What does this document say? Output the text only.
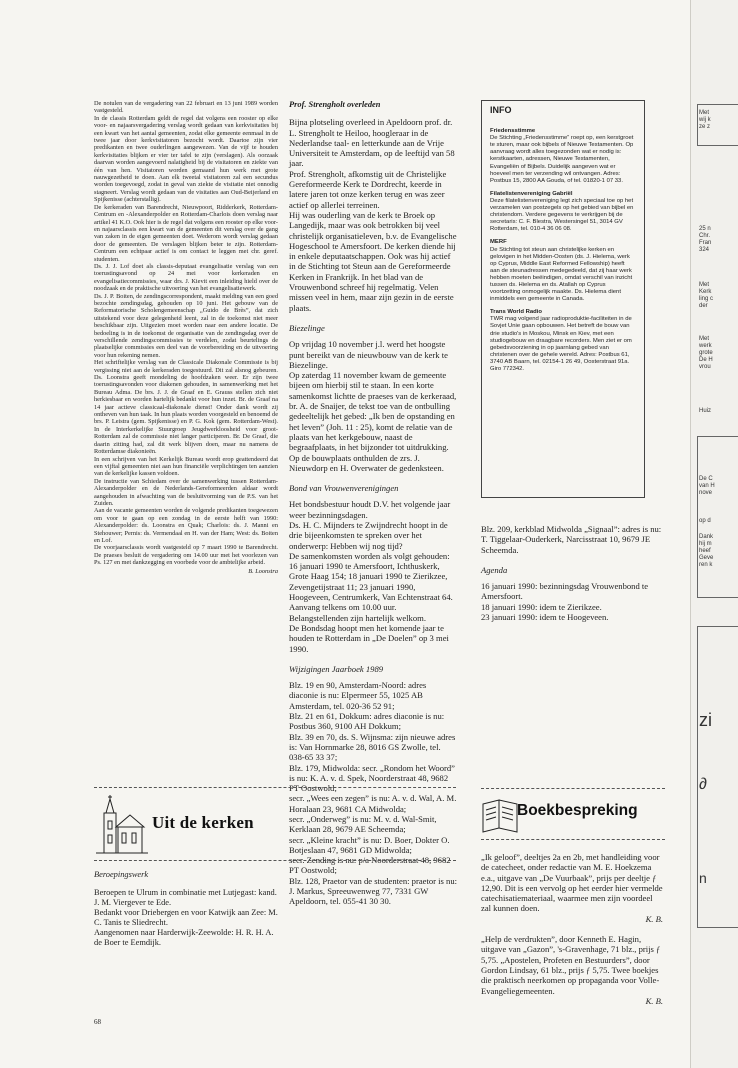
De notulen van de vergadering van 22 februari en 13 juni 1989 worden vastgesteld.

In de classis Rotterdam geldt de regel dat volgens een rooster op elke voor- en najaarsvergadering verslag wordt gedaan van kerkvisitaties bij een kwart van het aantal gemeenten, zodat elke gemeente eenmaal in de twee jaar door kerkvisitatoren bezocht wordt. Daartoe zijn vier predikanten en twee ouderlingen aangewezen. Van de vijf te houden kerkvisitaties blijken er vier ter tafel te zijn (verslagen). Als oorzaak daarvan worden aangevoerd nalatigheid bij de visitatoren en ziekte van één van hen. Visitatoren worden gemaand hun werk met grote nauwgezetheid te doen. Aan elk tweetal visitatoren zal een secundus worden toegevoegd, zodat in geval van ziekte de visitatie niet onnodig stagneert. Verslag wordt gedaan van de visitaties aan Oud-Beijerland en Spijkenisse (achterstallig).

De kerkeraden van Barendrecht, Nieuwpoort, Ridderkerk, Rotterdam-Centrum en -Alexanderpolder en Rotterdam-Charlois doen verslag naar artikel 41 K.O. Ook hier is de regel dat volgens een rooster op elke voor- en najaarsclassis een kwart van de gemeenten dit verslag over de gang van zaken in de eigen gemeenten doet. Wederom wordt verslag gedaan door de gemeenten. De verslagen blijken beter te zijn. Rotterdam-Centrum een echtpaar actief is om contact te leggen met chr. geref. studenten.

Ds. J. J. Lof doet als classis-deputaat evangelisatie verslag van een toerustingsavond op 24 mei voor kerkeraden en evangelisatiecommissies, waar drs. J. Kievit een inleiding hield over de noodzaak en de praktische uitvoering van het evangelisatiewerk.

Ds. J. P. Boiten, de zendingscorrespondent, maakt melding van een goed bezochte zendingsdag, gehouden op 10 juni. Het gebouw van de Reformatorische Scholengemeenschap „Guido de Brès”, dat zich uitstekend voor deze gelegenheid leent, zal in de toekomst niet meer beschikbaar zijn. Uitgezien moet worden naar een andere locatie. De bedoeling is in de toekomst de organisatie van de zendingsdag over de verschillende zendingscommissies te verdelen, zodat beurtelings de plaatselijke commissies een deel van de voorbereiding en de uitvoering voor hun rekening nemen.

Het schriftelijke verslag van de Classicale Diakonale Commissie is bij vergissing niet aan de kerkeraden toegestuurd. Dit zal alsnog gebeuren. Ds. Loonstra geeft mondeling de hoofdzaken weer. Er zijn twee toerustingsavonden voor diakenen gehouden, in samenwerking met het Bureau Adma. De brs. J. J. de Graaf en E. Grauss stellen zich niet herkiesbaar en worden hartelijk bedankt voor hun inzet. Br. de Graaf na 14 jaar actieve classicaal-diakonale dienst! Onder dank wordt zij ontheven van hun taak. In hun plaats worden voorgesteld en benoemd de brs. P. Leistra (gem. Spijkenisse) en P. G. Kok (gem. Rotterdam-West). In de Interkerkelijke Stuurgroep Jeugdwerkloosheid voor groot-Rotterdam zal de commissie niet langer participeren. Br. De Graaf, die daarin zitting had, zal dit werk blijven doen, maar nu namens de Rotterdamse diakonieën.

In een schrijven van het Kerkelijk Bureau wordt erop geattendeerd dat een vijftal gemeenten niet aan hun financiële verplichtingen ten aanzien van de kerkelijke kassen voldoen.

De instructie van Schiedam over de samenwerking tussen Rotterdam-Alexanderpolder en de Nederlands-Gereformeerden aldaar wordt aangehouden in afwachting van de besluitvorming van de P.S. van het Zuiden.

Aan de vacante gemeenten worden de volgende predikanten toegewezen om voor te gaan op een zondag in de eerste helft van 1990: Alexanderpolder: ds. Loonstra en Quak; Charlois: ds. J. Manni en Stehouwer; Pernis: ds. Vermendaal en H. van der Ham; West: ds. Boiten en Lof.

De voorjaarsclassis wordt vastgesteld op 7 maart 1990 te Barendrecht. De praeses besluit de vergadering om 14.00 uur met het voorlezen van Ps. 127 en met dankzegging en voorbede voor de ambtelijke arbeid.

B. Loonstra
Prof. Strengholt overleden

Bijna plotseling overleed in Apeldoorn prof. dr. L. Strengholt te Heiloo, hoogleraar in de Nederlandse taal- en letterkunde aan de Vrije Universiteit te Amsterdam, op de leeftijd van 58 jaar.

Prof. Strengholt, afkomstig uit de Christelijke Gereformeerde Kerk te Dordrecht, keerde in latere jaren tot onze kerken terug en was zeer actief op allerlei terreinen.

Hij was ouderling van de kerk te Broek op Langedijk, maar was ook betrokken bij veel christelijk organisatieleven, b.v. de Evangelische Hogeschool te Amersfoort. De kerken diende hij in enkele deputaatschappen. Ook was hij actief in de Stichting tot Steun aan de Gereformeerde Kerken in Frankrijk. In het blad van de Vrouwenbond schreef hij regelmatig. Velen missen veel in hem, maar zijn gezin in de eerste plaats.

Biezelinge

Op vrijdag 10 november j.l. werd het hoogste punt bereikt van de nieuwbouw van de kerk te Biezelinge.

Op zaterdag 11 november kwam de gemeente bijeen om hierbij stil te staan. In een korte samenkomst lichtte de praeses van de kerkeraad, br. A. de Snaijer, de tekst toe van de ontbulling gedeeltelijk het gebed: „Ik ben de opstanding en het leven” (Joh. 11 : 25), komt de relatie van de plaats van het kerkgebouw, naast de begraafplaats, in het bijzonder tot uitdrukking. Op de bouwplaats onthulden de zrs. J. Nieuwdorp en H. Overwater de gedenksteen.

Bond van Vrouwenverenigingen

Het bondsbestuur houdt D.V. het volgende jaar weer bezinningsdagen.

Ds. H. C. Mijnders te Zwijndrecht hoopt in de drie bijeenkomsten te spreken over het onderwerp: Hebben wij nog tijd?

De samenkomsten worden als volgt gehouden: 16 januari 1990 te Amersfoort, Ichthuskerk, Grote Haag 154; 18 januari 1990 te Zierikzee, Zevengetijstraat 11; 23 januari 1990, Hoogeveen, Centrumkerk, Van Echtenstraat 64. Aanvang telkens om 10.00 uur. Belangstellenden zijn hartelijk welkom.

De Bondsdag hoopt men het komende jaar te houden te Rotterdam in „De Doelen” op 3 mei 1990.

Wijzigingen Jaarboek 1989

Blz. 19 en 90, Amsterdam-Noord: adres diaconie is nu: Elpermeer 55, 1025 AB Amsterdam, tel. 020-36 52 91;

Blz. 21 en 61, Dokkum: adres diaconie is nu: Postbus 360, 9100 AH Dokkum;

Blz. 39 en 70, ds. S. Wijnsma: zijn nieuwe adres is: Van Hornmarke 28, 8016 GS Zwolle, tel. 038-65 33 37;

Blz. 179, Midwolda: secr. „Rondom het Woord” is nu: K. A. v. d. Spek, Noorderstraat 48, 9682 PT Oostwold;

secr. „Wees een zegen” is nu: A. v. d. Wal, A. M. Horalaan 23, 9681 CA Midwolda;

secr. „Onderweg” is nu: M. v. d. Wal-Smit, Kerklaan 28, 9679 AE Scheemda;

secr. „Kleine kracht” is nu: D. Boer, Dokter O. Botjeslaan 47, 9681 GD Midwolda;

secr. Zending is nu: p/a Noorderstraat 48, 9682 PT Oostwold;

Blz. 128, Praetor van de studenten: praetor is nu: J. Markus, Spreeuwenweg 77, 7331 GW Apeldoorn, tel. 055-41 30 30.

INFO
Friedensstimme

De Stichting „Friedensstimme” roept op, een kerstgroet te sturen, maar ook bijbels of Nieuwe Testamenten. Op aanvraag wordt alles toegezonden wat er nodig is: kerstkaarten, adressen, Nieuwe Testamenten, Evangeliën of Bijbels. Duidelijk aangeven wat er hoeveel men ter verzending wil ontvangen. Adres: Postbus 15, 2800 AA Gouda, of tel. 01820-1 07 33.

Filatelistenvereniging Gabriël

Deze filatelistenvereniging legt zich speciaal toe op het verzamelen van postzegels op het gebied van bijbel en christendom. Verdere gegevens te verkrijgen bij de secretaris: C. F. Blestra, Westersingel 51, 3014 GV Rotterdam, tel. 010-4 36 06 08.

MERF

De Stichting tot steun aan christelijke kerken en gelovigen in het Midden-Oosten (ds. J. Hielema, werk op Cyprus, Middle East Reformed Fellowship) heeft aan de steunadressen medegedeeld, dat zij haar werk hebben moeten beëindigen, omdat verschil van inzicht tussen ds. Hielema en ds. Atallah op Cyprus voortzetting onmogelijk maakte. Ds. Hielema dient inmiddels een gemeente in Canada.

Trans World Radio

TWR mag volgend jaar radioproduktie-faciliteiten in de Sovjet Unie gaan opbouwen. Het betreft de bouw van drie studio's in Moskou, Minsk en Kiev, met een studiogebouw en draagbare recorders. Men ziet er om gebedsvoorziening in op jaarnlang gebed van christenen over de gehele wereld. Adres: Postbus 61, 3740 AB Baarn, tel. 02154-1 26 49, Oosterstraat 91a. Giro 772342.

Blz. 209, kerkblad Midwolda „Signaal”: adres is nu: T. Tiggelaar-Ouderkerk, Narcisstraat 10, 9679 JE Scheemda.

Agenda

16 januari 1990: bezinningsdag Vrouwenbond te Amersfoort.

18 januari 1990: idem te Zierikzee.

23 januari 1990: idem te Hoogeveen.

Uit de kerken
Beroepingswerk

Beroepen te Ulrum in combinatie met Lutjegast: kand. J. M. Viergever te Ede.

Bedankt voor Driebergen en voor Katwijk aan Zee: M. C. Tanis te Sliedrecht.

Aangenomen naar Harderwijk-Zeewolde: H. R. H. A. de Boer te Eemdijk.

68
Boekbespreking

„Ik geloof”, deeltjes 2a en 2b, met handleiding voor de catecheet, onder redactie van M. E. Hoekzema e.a., uitgave van „De Vuurbaak”, prijs per deeltje ƒ 12,90. Dit is een vervolg op het eerder hier vermelde catechisatiemateriaal, waarmee men zijn voordeel zal kunnen doen.

K. B.

„Help de verdrukten”, door Kenneth E. Hagin, uitgave van „Gazon”, 's-Gravenhage, 71 blz., prijs ƒ 5,75. „Apostelen, Profeten en Bestuurders”, door Gordon Lindsay, 61 blz., prijs ƒ 5,75. Twee boekjes die praktisch neerkomen op propaganda voor Volle-Evangeliegemeenten.

K. B.
Met
wij k
ze z
25 n
Chr.
Fran
324
Met
Kerk
ling c
der
Met
werk
grote
De H
vrou
Huiz
De C
van H
nove
op d
Dank
hij m
heef
Geve
ren k
zi
∂
n
